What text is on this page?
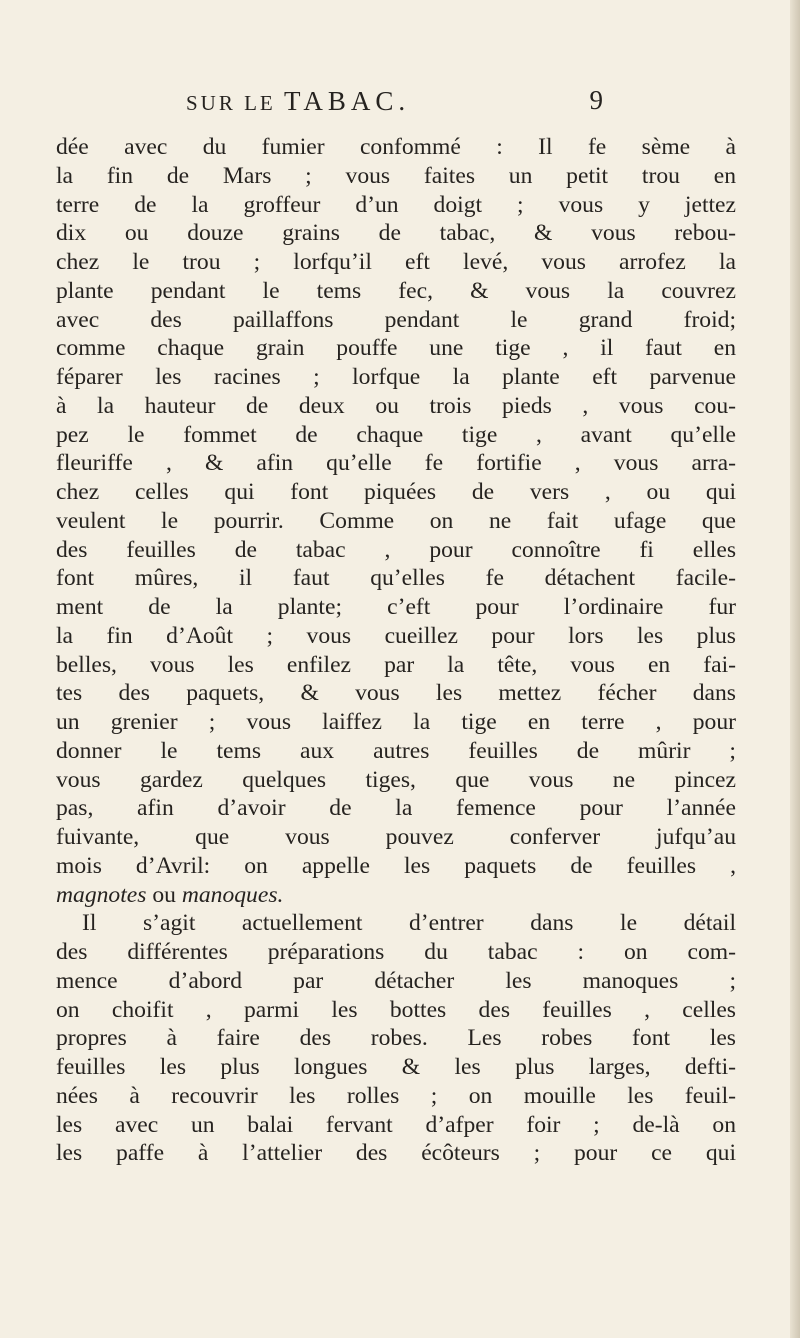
SUR LE TABAC.	9
dée avec du fumier confommé : Il fe sème à
la fin de Mars ; vous faites un petit trou en
terre de la groffeur d’un doigt ; vous y jettez
dix ou douze grains de tabac, & vous rebou-
chez le trou ; lorfqu’il eft levé, vous arrofez la
plante pendant le tems fec, & vous la couvrez
avec des paillaffons pendant le grand froid;
comme chaque grain pouffe une tige , il faut en
féparer les racines ; lorfque la plante eft parvenue
à la hauteur de deux ou trois pieds , vous cou-
pez le fommet de chaque tige , avant qu’elle
fleuriffe , & afin qu’elle fe fortifie , vous arra-
chez celles qui font piquées de vers , ou qui
veulent le pourrir. Comme on ne fait ufage que
des feuilles de tabac , pour connoître fi elles
font mûres, il faut qu’elles fe détachent facile-
ment de la plante; c’eft pour l’ordinaire fur
la fin d’Août ; vous cueillez pour lors les plus
belles, vous les enfilez par la tête, vous en fai-
tes des paquets, & vous les mettez fécher dans
un grenier ; vous laiffez la tige en terre , pour
donner le tems aux autres feuilles de mûrir ;
vous gardez quelques tiges, que vous ne pincez
pas, afin d’avoir de la femence pour l’année
fuivante, que vous pouvez conferver jufqu’au
mois d’Avril: on appelle les paquets de feuilles ,
magnotes ou manoques.
Il s’agit actuellement d’entrer dans le détail
des différentes préparations du tabac : on com-
mence d’abord par détacher les manoques ;
on choifit , parmi les bottes des feuilles , celles
propres à faire des robes. Les robes font les
feuilles les plus longues & les plus larges, defti-
nées à recouvrir les rolles ; on mouille les feuil-
les avec un balai fervant d’afper foir ; de-là on
les paffe à l’attelier des écôteurs ; pour ce qui
